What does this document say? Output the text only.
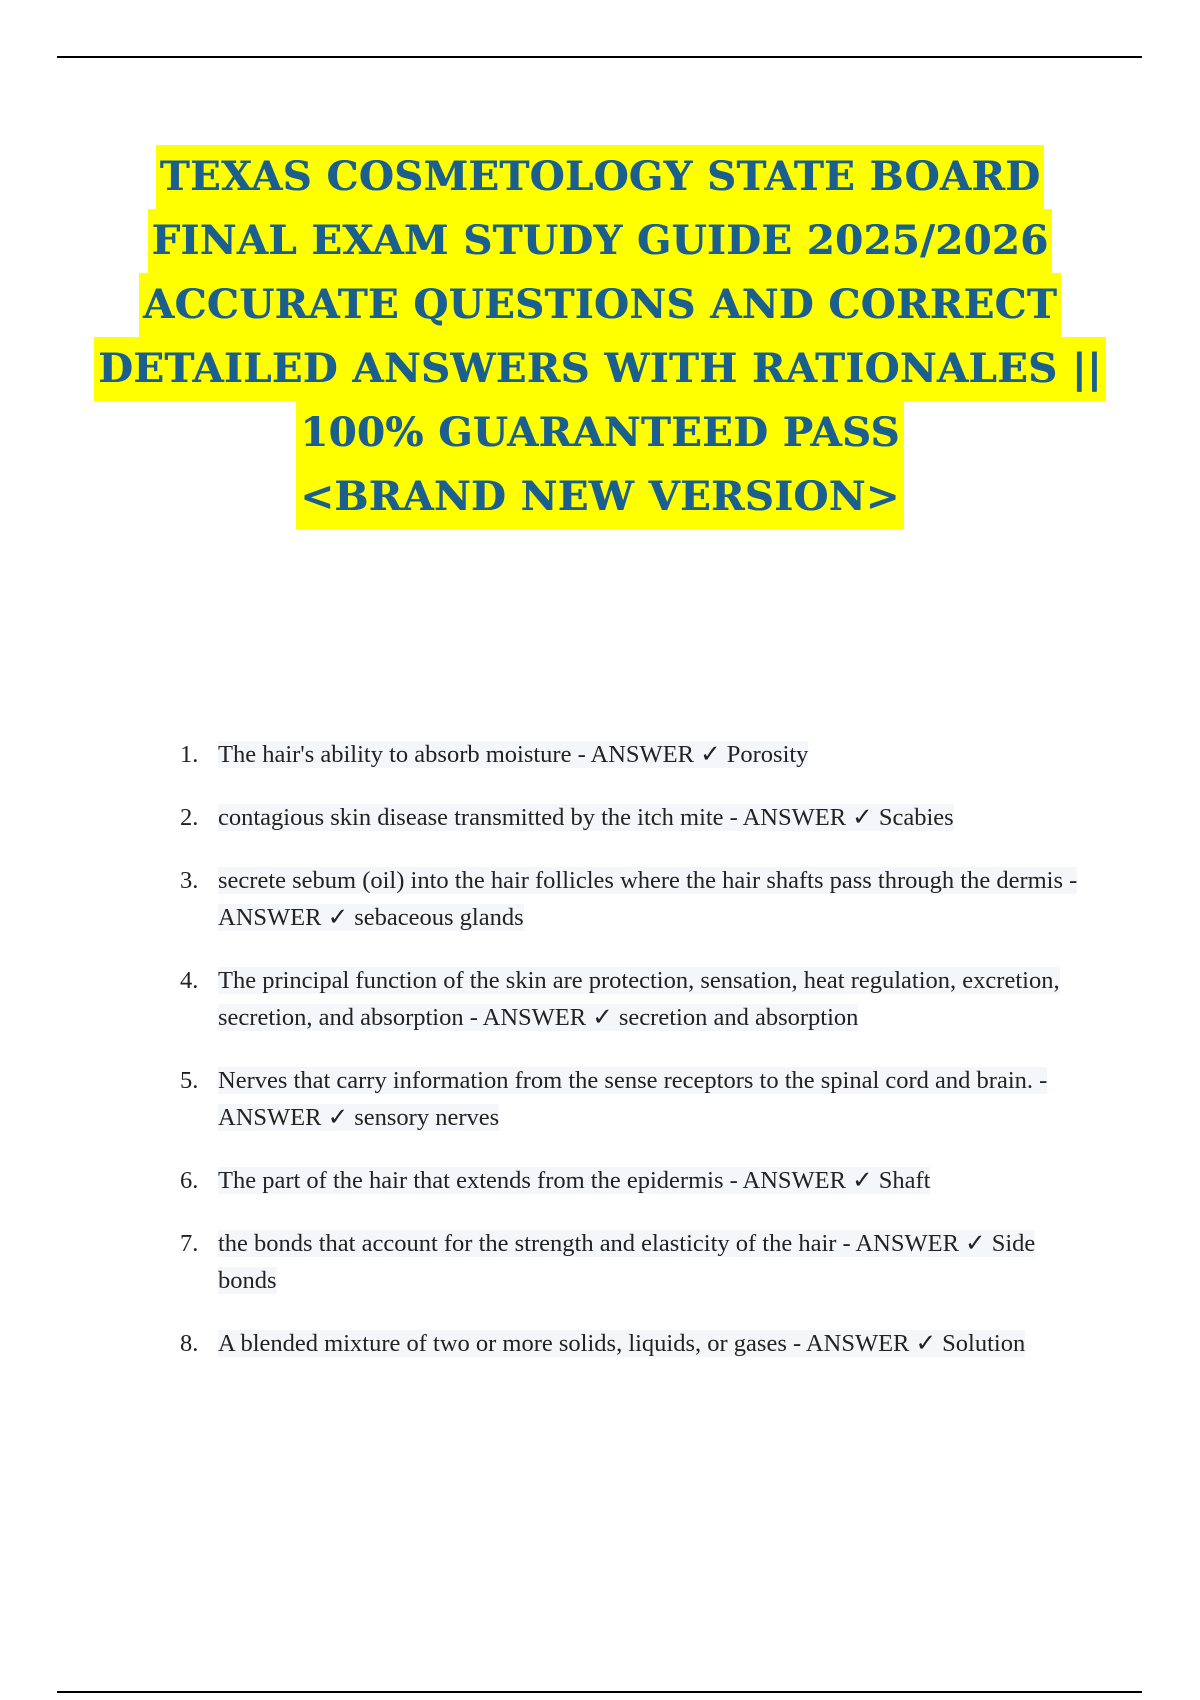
TEXAS COSMETOLOGY STATE BOARD
FINAL EXAM STUDY GUIDE 2025/2026
ACCURATE QUESTIONS AND CORRECT
DETAILED ANSWERS WITH RATIONALES ||
100% GUARANTEED PASS
<BRAND NEW VERSION>
1. The hair's ability to absorb moisture - ANSWER ✓ Porosity
2. contagious skin disease transmitted by the itch mite - ANSWER ✓ Scabies
3. secrete sebum (oil) into the hair follicles where the hair shafts pass through the dermis - ANSWER ✓ sebaceous glands
4. The principal function of the skin are protection, sensation, heat regulation, excretion, secretion, and absorption - ANSWER ✓ secretion and absorption
5. Nerves that carry information from the sense receptors to the spinal cord and brain. - ANSWER ✓ sensory nerves
6. The part of the hair that extends from the epidermis - ANSWER ✓ Shaft
7. the bonds that account for the strength and elasticity of the hair - ANSWER ✓ Side bonds
8. A blended mixture of two or more solids, liquids, or gases - ANSWER ✓ Solution
